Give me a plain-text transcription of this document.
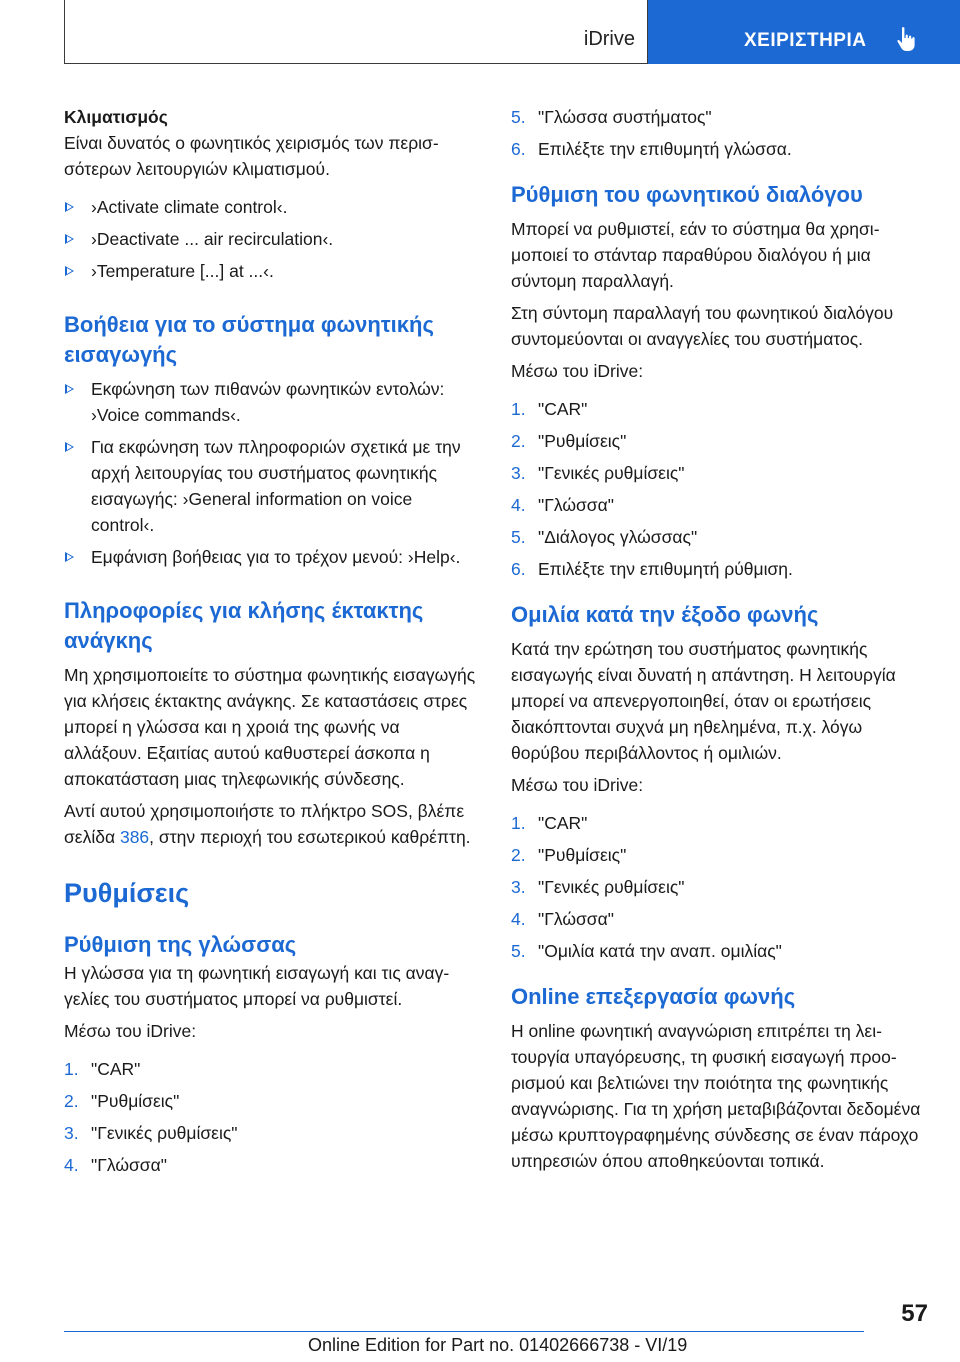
iDrive	ΧΕΙΡΙΣΤΗΡΙΑ

Κλιματισμός

Είναι δυνατός ο φωνητικός χειρισμός των περισσότερων λειτουργιών κλιματισμού.

›Activate climate control‹.
›Deactivate ... air recirculation‹.
›Temperature [...] at ...‹.

Βοήθεια για το σύστημα φωνητικής εισαγωγής

Εκφώνηση των πιθανών φωνητικών εντολών: ›Voice commands‹.
Για εκφώνηση των πληροφοριών σχετικά με την αρχή λειτουργίας του συστήματος φωνητικής εισαγωγής: ›General information on voice control‹.
Εμφάνιση βοήθειας για το τρέχον μενού: ›Help‹.

Πληροφορίες για κλήσης έκτακτης ανάγκης

Μη χρησιμοποιείτε το σύστημα φωνητικής εισαγωγής για κλήσεις έκτακτης ανάγκης. Σε καταστάσεις στρες μπορεί η γλώσσα και η χροιά της φωνής να αλλάξουν. Εξαιτίας αυτού καθυστερεί άσκοπα η αποκατάσταση μιας τηλεφωνικής σύνδεσης.

Αντί αυτού χρησιμοποιήστε το πλήκτρο SOS, βλέπε σελίδα 386, στην περιοχή του εσωτερικού καθρέπτη.

Ρυθμίσεις

Ρύθμιση της γλώσσας

Η γλώσσα για τη φωνητική εισαγωγή και τις αναγγελίες του συστήματος μπορεί να ρυθμιστεί.

Μέσω του iDrive:

1. "CAR"
2. "Ρυθμίσεις"
3. "Γενικές ρυθμίσεις"
4. "Γλώσσα"
5. "Γλώσσα συστήματος"
6. Επιλέξτε την επιθυμητή γλώσσα.

Ρύθμιση του φωνητικού διαλόγου

Μπορεί να ρυθμιστεί, εάν το σύστημα θα χρησιμοποιεί το στάνταρ παραθύρου διαλόγου ή μια σύντομη παραλλαγή.

Στη σύντομη παραλλαγή του φωνητικού διαλόγου συντομεύονται οι αναγγελίες του συστήματος.

Μέσω του iDrive:

1. "CAR"
2. "Ρυθμίσεις"
3. "Γενικές ρυθμίσεις"
4. "Γλώσσα"
5. "Διάλογος γλώσσας"
6. Επιλέξτε την επιθυμητή ρύθμιση.

Ομιλία κατά την έξοδο φωνής

Κατά την ερώτηση του συστήματος φωνητικής εισαγωγής είναι δυνατή η απάντηση. Η λειτουργία μπορεί να απενεργοποιηθεί, όταν οι ερωτήσεις διακόπτονται συχνά μη ηθελημένα, π.χ. λόγω θορύβου περιβάλλοντος ή ομιλιών.

Μέσω του iDrive:

1. "CAR"
2. "Ρυθμίσεις"
3. "Γενικές ρυθμίσεις"
4. "Γλώσσα"
5. "Ομιλία κατά την αναπ. ομιλίας"

Online επεξεργασία φωνής

Η online φωνητική αναγνώριση επιτρέπει τη λειτουργία υπαγόρευσης, τη φυσική εισαγωγή προορισμού και βελτιώνει την ποιότητα της φωνητικής αναγνώρισης. Για τη χρήση μεταβιβάζονται δεδομένα μέσω κρυπτογραφημένης σύνδεσης σε έναν πάροχο υπηρεσιών όπου αποθηκεύονται τοπικά.

57
Online Edition for Part no. 01402666738 - VI/19
